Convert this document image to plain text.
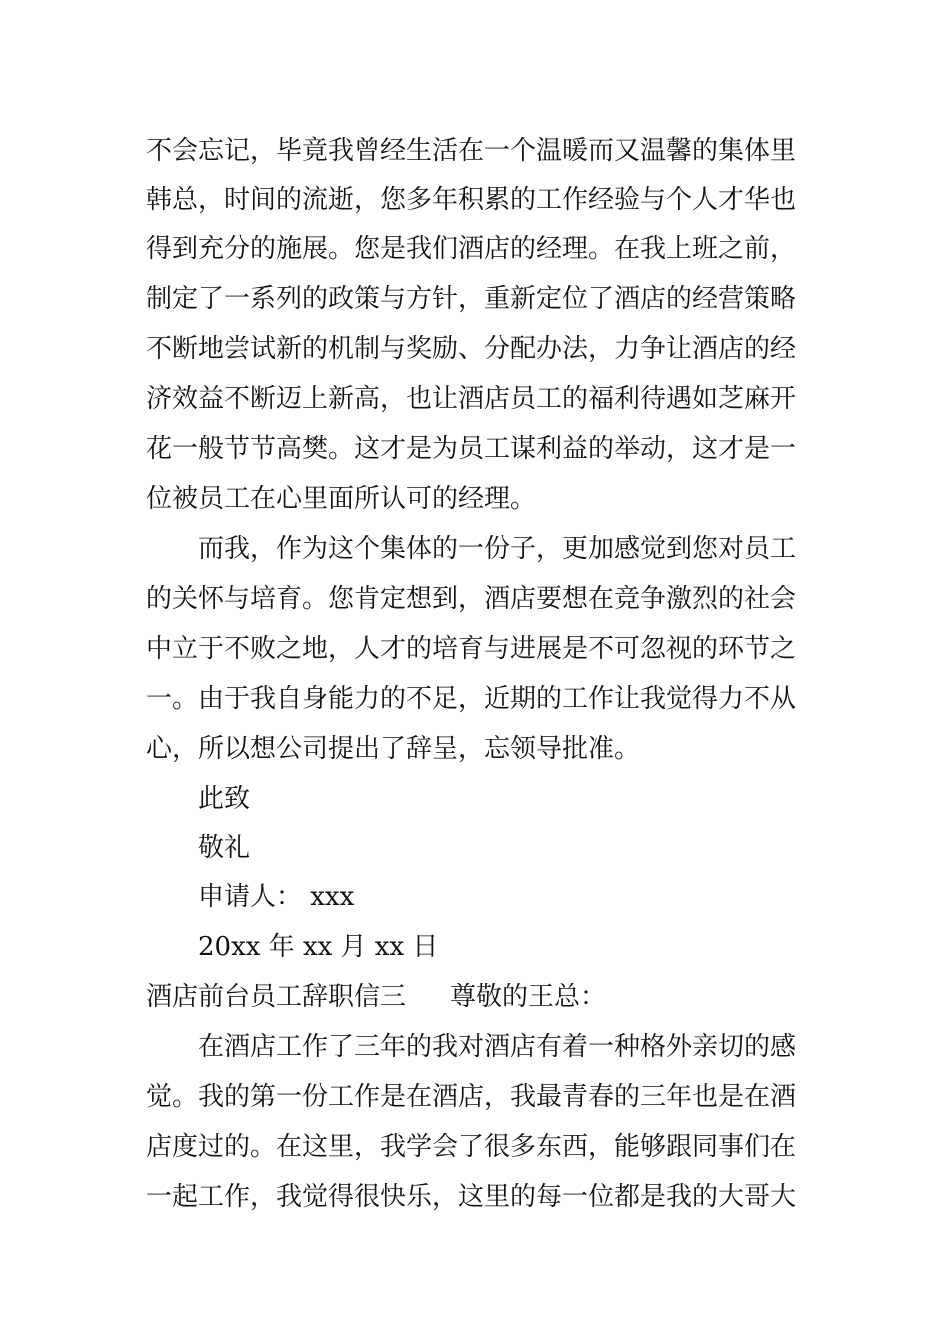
不会忘记，毕竟我曾经生活在一个温暖而又温馨的集体里
韩总，时间的流逝，您多年积累的工作经验与个人才华也
得到充分的施展。您是我们酒店的经理。在我上班之前，
制定了一系列的政策与方针，重新定位了酒店的经营策略
不断地尝试新的机制与奖励、分配办法，力争让酒店的经
济效益不断迈上新高，也让酒店员工的福利待遇如芝麻开
花一般节节高樊。这才是为员工谋利益的举动，这才是一
位被员工在心里面所认可的经理。
而我，作为这个集体的一份子，更加感觉到您对员工
的关怀与培育。您肯定想到，酒店要想在竞争激烈的社会
中立于不败之地，人才的培育与进展是不可忽视的环节之
一。由于我自身能力的不足，近期的工作让我觉得力不从
心，所以想公司提出了辞呈，忘领导批准。
此致
敬礼
申请人： xxx
20xx 年 xx 月 xx 日
酒店前台员工辞职信三	尊敬的王总：
在酒店工作了三年的我对酒店有着一种格外亲切的感
觉。我的第一份工作是在酒店，我最青春的三年也是在酒
店度过的。在这里，我学会了很多东西，能够跟同事们在
一起工作，我觉得很快乐，这里的每一位都是我的大哥大
